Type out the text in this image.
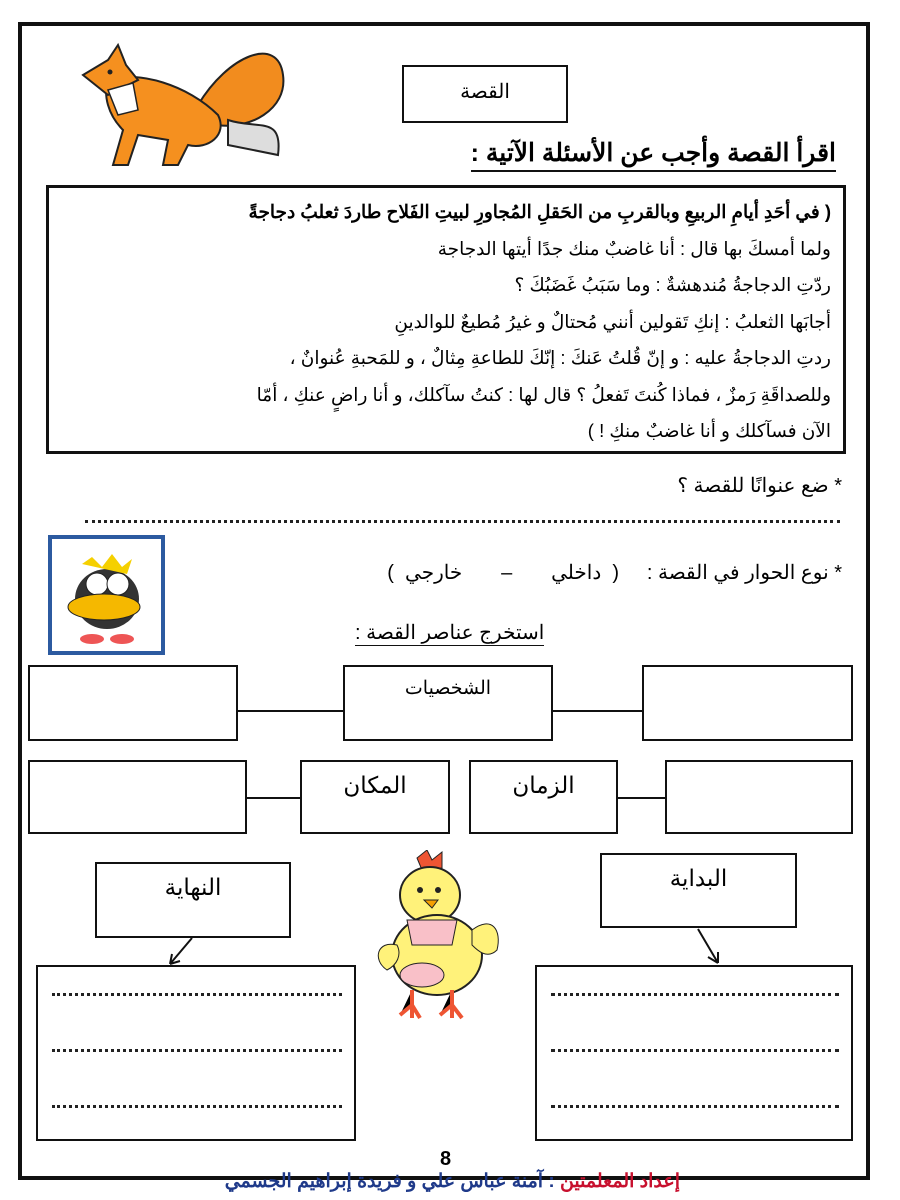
القصة
اقرأ القصة وأجب عن الأسئلة الآتية :
( في أحَدِ أيامِ الربيعِ وبالقربِ من الحَقلِ المُجاورِ لبيتِ الفَلاح طاردَ ثعلبُ دجاجةً
ولما أمسكَ بها قال : أنا غاضبٌ منك جدًا أيتها الدجاجة
ردّتِ الدجاجةُ مُندهشةٌ : وما سَبَبُ غَضَبُكَ ؟
أجابَها الثعلبُ : إنكِ تَقولين أنني مُحتالٌ و غيرُ مُطيعٌ للوالدينِ
ردتِ الدجاجةُ عليه : و إنّ قُلتُ عَنكَ : إنّكَ للطاعةِ مِثالٌ ، و للمَحبةِ عُنوانٌ ،
وللصداقَةِ رَمزٌ ، فماذا كُنتَ تَفعلُ ؟ قال لها : كنتُ سآكلك، و أنا راضٍ عنكِ ، أمّا
الآن فسآكلك و أنا غاضبٌ منكِ ! )
* ضع عنوانًا للقصة ؟
* نوع الحوار في القصة :     (  داخلي       –       خارجي  )
استخرج عناصر القصة :
الشخصيات
المكان	الزمان
النهاية	البداية
8
إعداد المعلمتين : آمنة عباس علي و فريدة إبراهيم الجسمي
